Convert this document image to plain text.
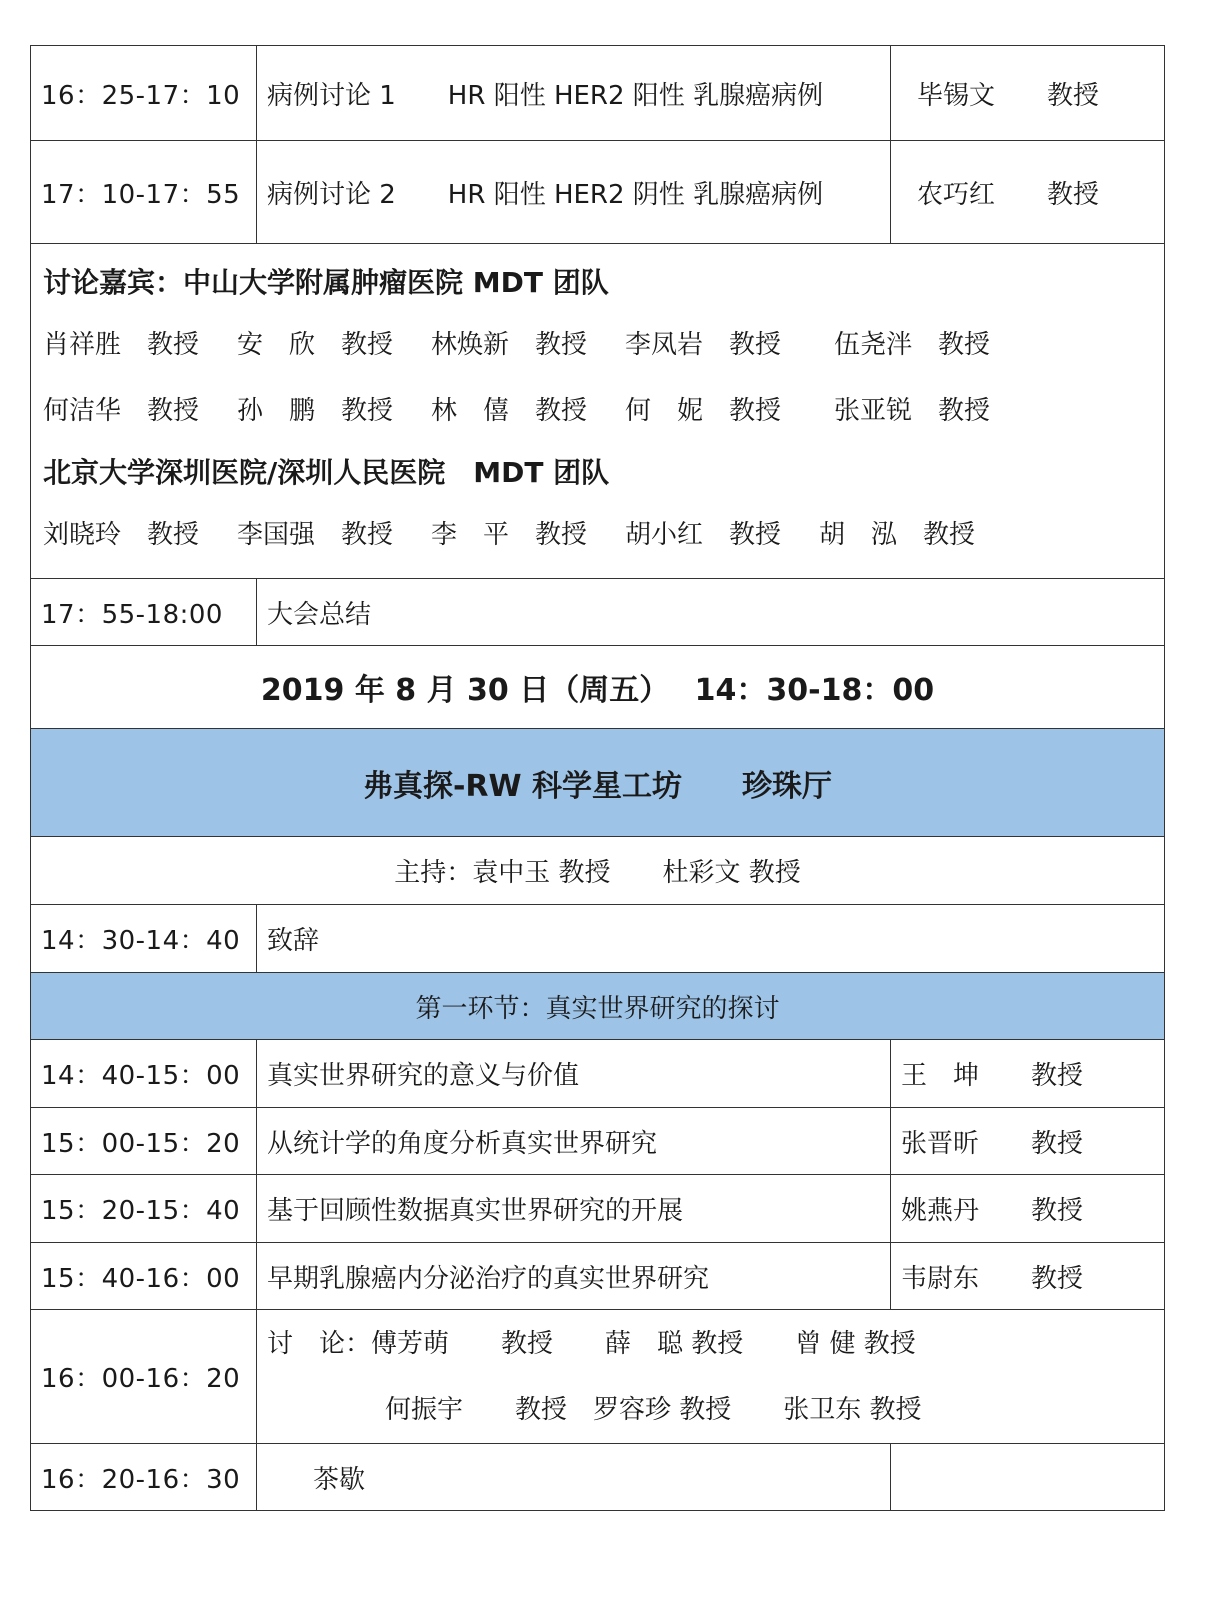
16：25-17：10	病例讨论 1　　HR 阳性 HER2 阳性 乳腺癌病例	毕锡文　　教授
17：10-17：55	病例讨论 2　　HR 阳性 HER2 阴性 乳腺癌病例	农巧红　　教授

讨论嘉宾：中山大学附属肿瘤医院 MDT 团队
肖祥胜 教授 安　欣 教授 林焕新 教授 李凤岩 教授 伍尧泮 教授
何洁华 教授 孙　鹏 教授 林　僖 教授 何　妮 教授 张亚锐 教授
北京大学深圳医院/深圳人民医院　MDT 团队
刘晓玲 教授 李国强 教授 李　平 教授 胡小红 教授 胡　泓 教授		

17：55-18:00	大会总结	
2019 年 8 月 30 日（周五）　 14：30-18：00		
弗真探-RW 科学星工坊　　珍珠厅		
主持：袁中玉 教授　　杜彩文 教授		
14：30-14：40	致辞	
第一环节：真实世界研究的探讨		
14：40-15：00	真实世界研究的意义与价值	王　坤　　教授
15：00-15：20	从统计学的角度分析真实世界研究	张晋昕　　教授
15：20-15：40	基于回顾性数据真实世界研究的开展	姚燕丹　　教授
15：40-16：00	早期乳腺癌内分泌治疗的真实世界研究	韦尉东　　教授
16：00-16：20	讨　论：傅芳萌　　教授　　薛　聪 教授　　曾 健 教授
何振宇　　教授　罗容珍 教授　　张卫东 教授	

16：20-16：30	茶歇	
